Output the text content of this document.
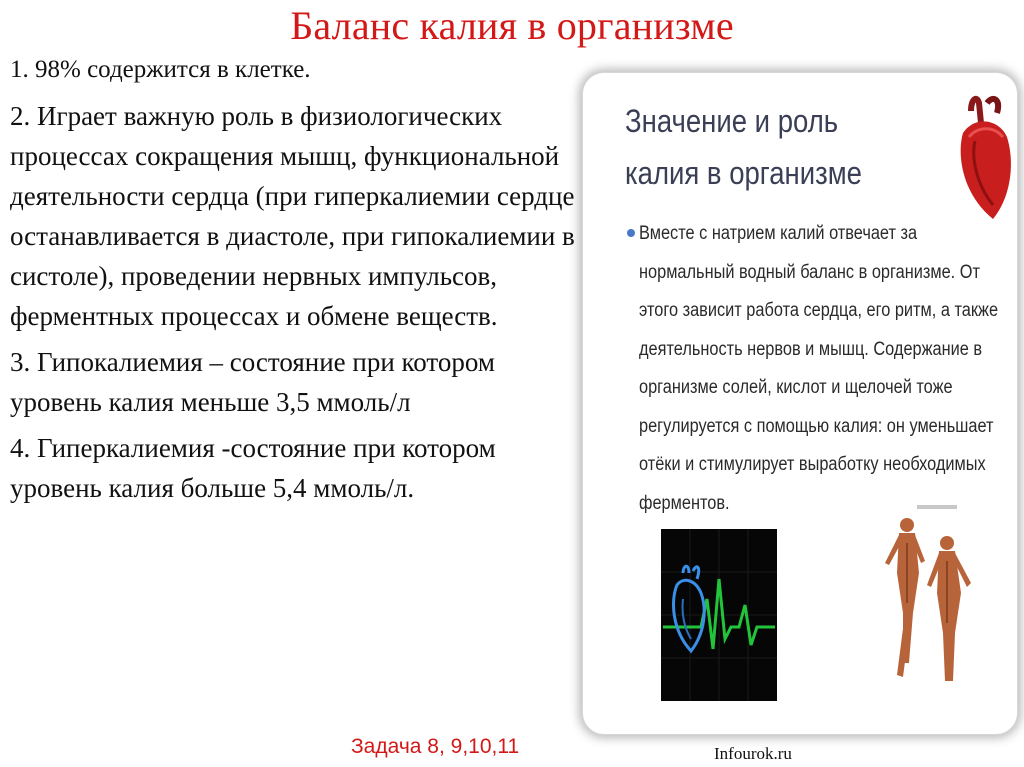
Баланс калия в организме

1. 98% содержится в клетке.

2. Играет важную роль в физиологических процессах сокращения мышц, функциональной деятельности сердца (при гиперкалиемии сердце останавливается в диастоле, при гипокалиемии в систоле), проведении нервных импульсов, ферментных процессах и обмене веществ.

3. Гипокалиемия – состояние при котором уровень калия меньше 3,5 ммоль/л

4. Гиперкалиемия -состояние при котором уровень калия больше 5,4 ммоль/л.

Значение и роль калия в организме
Вместе с натрием калий отвечает за нормальный водный баланс в организме. От этого зависит работа сердца, его ритм, а также деятельность нервов и мышц. Содержание в организме солей, кислот и щелочей тоже регулируется с помощью калия: он уменьшает отёки и стимулирует выработку необходимых ферментов.
Задача 8, 9,10,11	Infourok.ru
